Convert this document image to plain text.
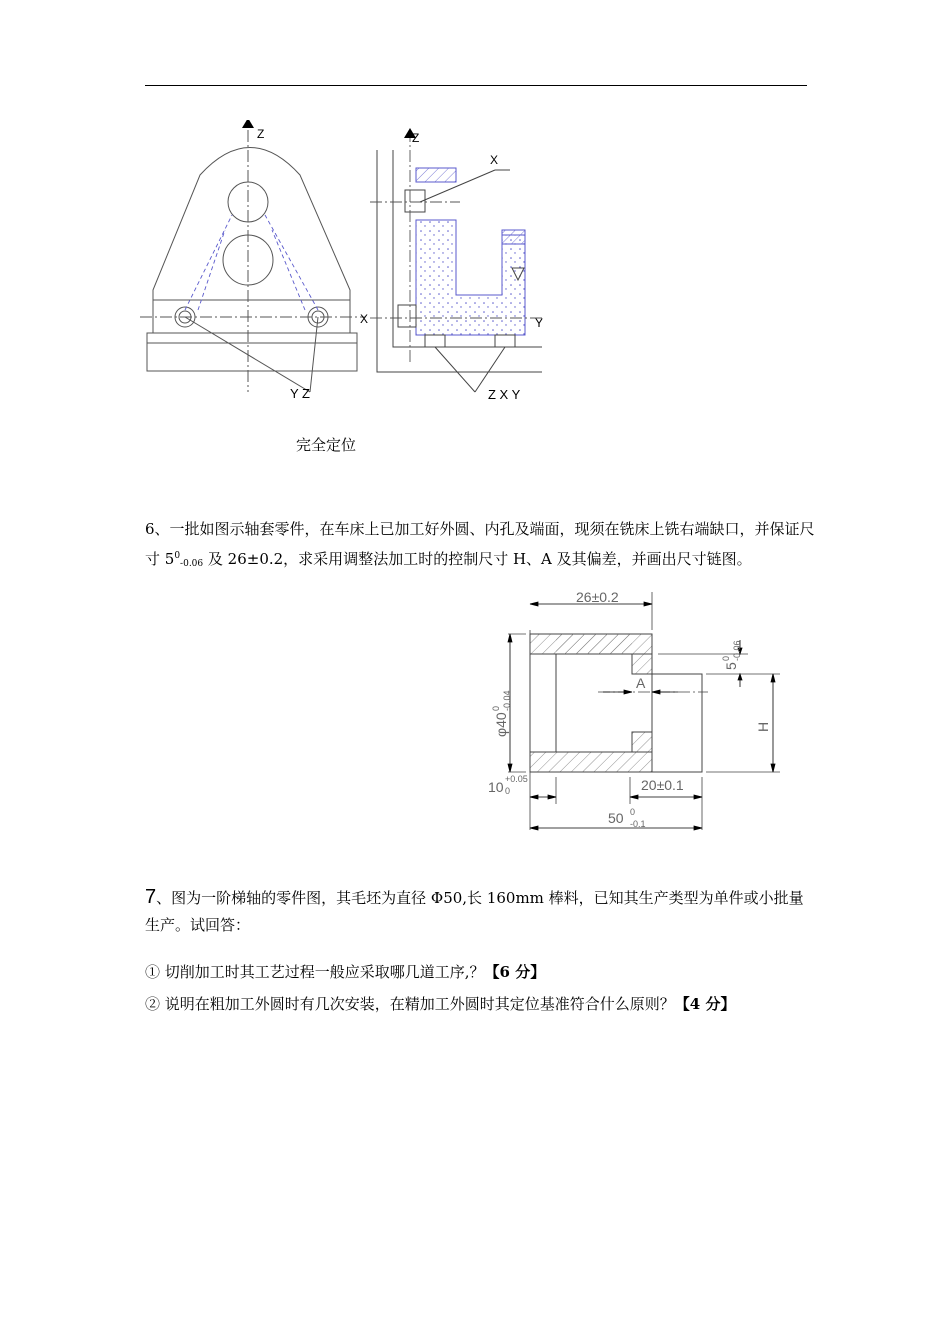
Z
Y Z
Z
X
X
Y
Z X Y
完全定位
6、一批如图示轴套零件，在车床上已加工好外圆、内孔及端面，现须在铣床上铣右端缺口，并保证尺寸 $5^0_{-0.06}$ 及 26±0.2，求采用调整法加工时的控制尺寸 H、A 及其偏差，并画出尺寸链图。
26±0.2
5
0 -0.06
φ40
0 -0.04
A
H
10 +0.05
0	20±0.1
50 0
-0.1
7、图为一阶梯轴的零件图，其毛坯为直径 Φ50,长 160mm 棒料，已知其生产类型为单件或小批量生产。试回答：
① 切削加工时其工艺过程一般应采取哪几道工序,？【6 分】
② 说明在粗加工外圆时有几次安装，在精加工外圆时其定位基准符合什么原则？【4 分】
